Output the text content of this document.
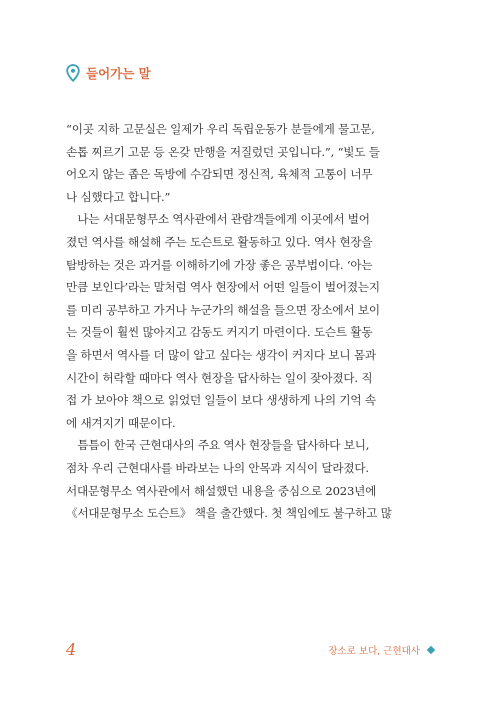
들어가는 말

“이곳 지하 고문실은 일제가 우리 독립운동가 분들에게 물고문,
손톱 찌르기 고문 등 온갖 만행을 저질렀던 곳입니다.”, “빛도 들
어오지 않는 좁은 독방에 수감되면 정신적, 육체적 고통이 너무
나 심했다고 합니다.”

　나는 서대문형무소 역사관에서 관람객들에게 이곳에서 벌어
졌던 역사를 해설해 주는 도슨트로 활동하고 있다. 역사 현장을
탐방하는 것은 과거를 이해하기에 가장 좋은 공부법이다. ‘아는
만큼 보인다’라는 말처럼 역사 현장에서 어떤 일들이 벌어졌는지
를 미리 공부하고 가거나 누군가의 해설을 들으면 장소에서 보이
는 것들이 훨씬 많아지고 감동도 커지기 마련이다. 도슨트 활동
을 하면서 역사를 더 많이 알고 싶다는 생각이 커지다 보니 몸과
시간이 허락할 때마다 역사 현장을 답사하는 일이 잦아졌다. 직
접 가 보아야 책으로 읽었던 일들이 보다 생생하게 나의 기억 속
에 새겨지기 때문이다.

　틈틈이 한국 근현대사의 주요 역사 현장들을 답사하다 보니,
점차 우리 근현대사를 바라보는 나의 안목과 지식이 달라졌다.
서대문형무소 역사관에서 해설했던 내용을 중심으로 2023년에
《서대문형무소 도슨트》 책을 출간했다. 첫 책임에도 불구하고 많

4	장소로 보다, 근현대사
